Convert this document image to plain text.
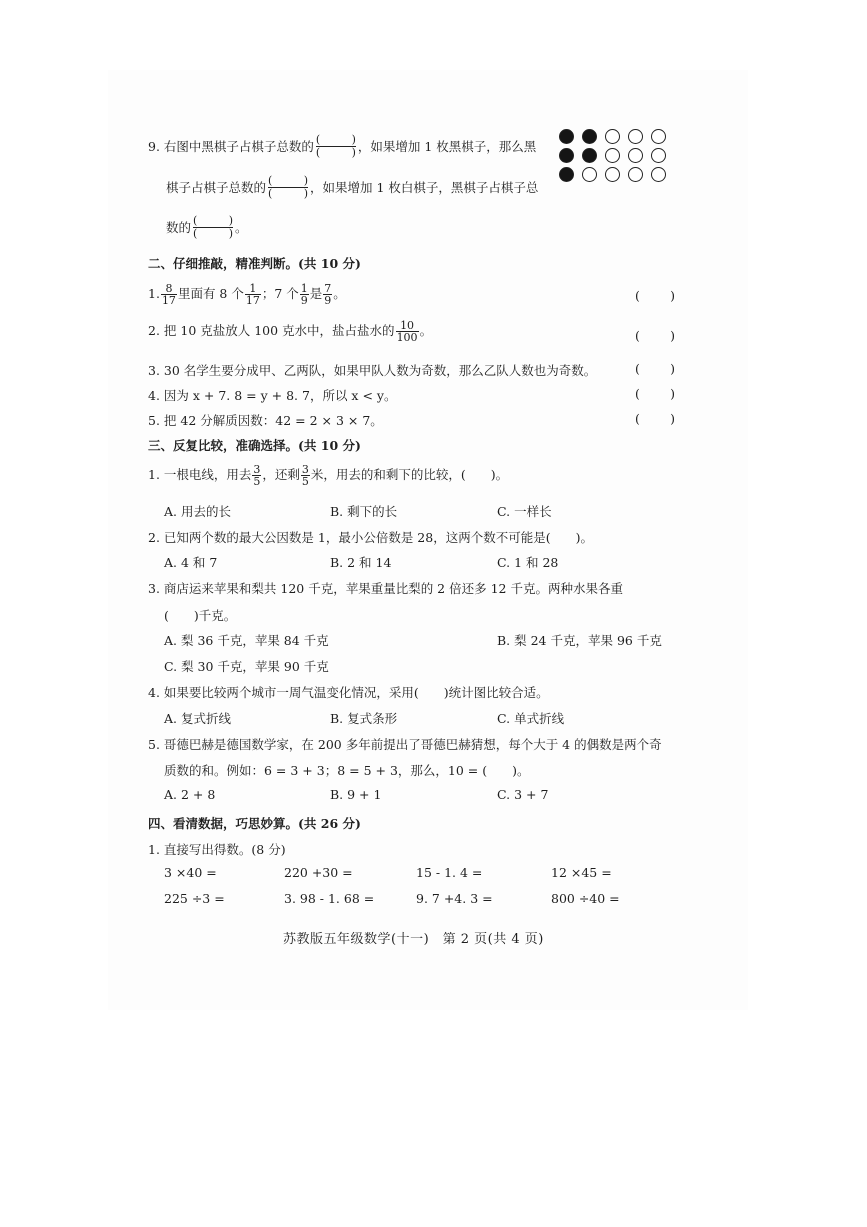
9. 右图中黑棋子占棋子总数的 ( ) ( )	，如果增加 1 枚黑棋子，那么黑
棋子占棋子总数的 ( ) ( )	，如果增加 1 枚白棋子，黑棋子占棋子总
数的 ( ) ( )	。
二、仔细推敲，精准判断。(共 10 分)
1. $\frac{8}{17}$ 里面有 8 个 $\frac{1}{17}$ ；7 个 $\frac{1}{9}$ 是 $\frac{7}{9}$ 。	( )
2. 把 10 克盐放人 100 克水中，盐占盐水的 $\frac{10}{100}$ 。	( )
3. 30 名学生要分成甲、乙两队，如果甲队人数为奇数，那么乙队人数也为奇数。	( )
4. 因为 x + 7. 8 = y + 8. 7，所以 x < y。	( )
5. 把 42 分解质因数：42 = 2 × 3 × 7。	( )
三、反复比较，准确选择。(共 10 分)
1. 一根电线，用去 $\frac{3}{5}$ ，还剩 $\frac{3}{5}$ 米，用去的和剩下的比较，(　　)。
A. 用去的长	B. 剩下的长	C. 一样长
2. 已知两个数的最大公因数是 1，最小公倍数是 28，这两个数不可能是(　　)。
A. 4 和 7	B. 2 和 14	C. 1 和 28
3. 商店运来苹果和梨共 120 千克，苹果重量比梨的 2 倍还多 12 千克。两种水果各重
(　　)千克。
A. 梨 36 千克，苹果 84 千克	B. 梨 24 千克，苹果 96 千克
C. 梨 30 千克，苹果 90 千克
4. 如果要比较两个城市一周气温变化情况，采用(　　)统计图比较合适。
A. 复式折线	B. 复式条形	C. 单式折线
5. 哥德巴赫是德国数学家，在 200 多年前提出了哥德巴赫猜想，每个大于 4 的偶数是两个奇
质数的和。例如：6 = 3 + 3；8 = 5 + 3，那么，10 = (　　)。
A. 2 + 8	B. 9 + 1	C. 3 + 7
四、看清数据，巧思妙算。(共 26 分)
1. 直接写出得数。(8 分)
3 ×40 =	220 +30 =	15 - 1. 4 =	12 ×45 =
225 ÷3 =	3. 98 - 1. 68 =	9. 7 +4. 3 =	800 ÷40 =
苏教版五年级数学(十一)　第 2 页(共 4 页)
